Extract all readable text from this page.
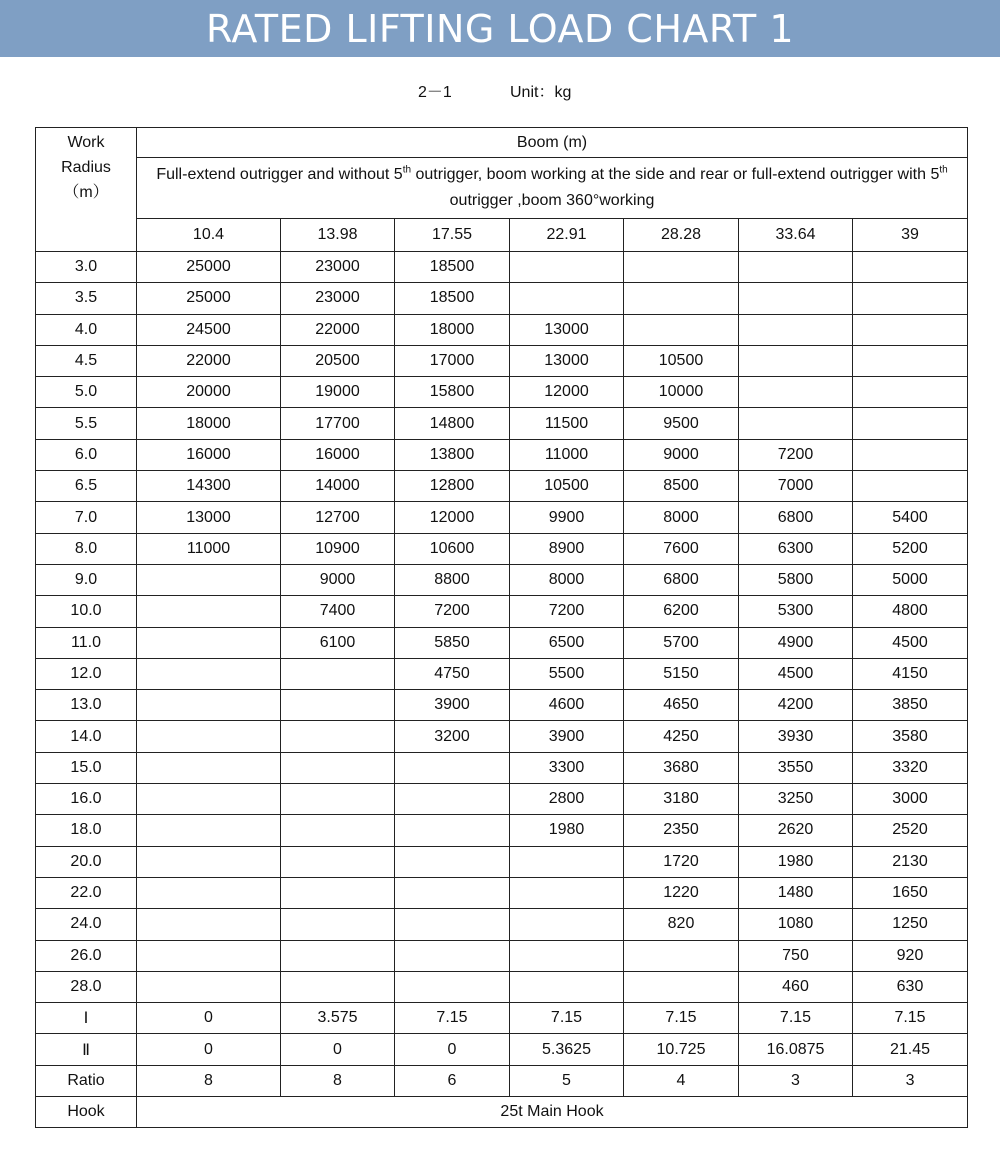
RATED LIFTING LOAD CHART 1
2－1	Unit：kg
Work
Radius
（m）	Boom (m)						
	Full-extend outrigger and without 5th outrigger, boom working at the side and rear or full-extend outrigger with 5th outrigger ,boom 360°working						
	10.4	13.98	17.55	22.91	28.28	33.64	39
3.0	25000	23000	18500				
3.5	25000	23000	18500				
4.0	24500	22000	18000	13000			
4.5	22000	20500	17000	13000	10500		
5.0	20000	19000	15800	12000	10000		
5.5	18000	17700	14800	11500	9500		
6.0	16000	16000	13800	11000	9000	7200	
6.5	14300	14000	12800	10500	8500	7000	
7.0	13000	12700	12000	9900	8000	6800	5400
8.0	11000	10900	10600	8900	7600	6300	5200
9.0		9000	8800	8000	6800	5800	5000
10.0		7400	7200	7200	6200	5300	4800
11.0		6100	5850	6500	5700	4900	4500
12.0			4750	5500	5150	4500	4150
13.0			3900	4600	4650	4200	3850
14.0			3200	3900	4250	3930	3580
15.0				3300	3680	3550	3320
16.0				2800	3180	3250	3000
18.0				1980	2350	2620	2520
20.0					1720	1980	2130
22.0					1220	1480	1650
24.0					820	1080	1250
26.0						750	920
28.0						460	630
Ⅰ	0	3.575	7.15	7.15	7.15	7.15	7.15
Ⅱ	0	0	0	5.3625	10.725	16.0875	21.45
Ratio	8	8	6	5	4	3	3
Hook	25t Main Hook						
